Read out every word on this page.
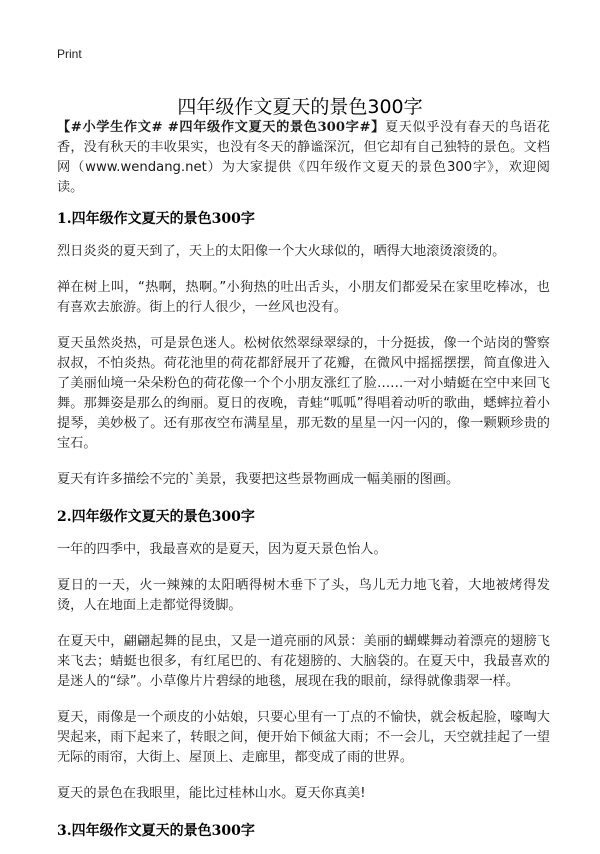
Print
四年级作文夏天的景色300字

【#小学生作文# #四年级作文夏天的景色300字#】夏天似乎没有春天的鸟语花香，没有秋天的丰收果实，也没有冬天的静谧深沉，但它却有自己独特的景色。文档网（www.wendang.net）为大家提供《四年级作文夏天的景色300字》，欢迎阅读。

1.四年级作文夏天的景色300字

烈日炎炎的夏天到了，天上的太阳像一个大火球似的，晒得大地滚烫滚烫的。

禅在树上叫，“热啊，热啊。”小狗热的吐出舌头，小朋友们都爱呆在家里吃棒冰，也有喜欢去旅游。街上的行人很少，一丝风也没有。

夏天虽然炎热，可是景色迷人。松树依然翠绿翠绿的，十分挺拔，像一个站岗的警察叔叔，不怕炎热。荷花池里的荷花都舒展开了花瓣，在微风中摇摇摆摆，简直像进入了美丽仙境一朵朵粉色的荷花像一个个小朋友涨红了脸……一对小蜻蜓在空中来回飞舞。那舞姿是那么的绚丽。夏日的夜晚，青蛙“呱呱”得唱着动听的歌曲，蟋蟀拉着小提琴，美妙极了。还有那夜空布满星星，那无数的星星一闪一闪的，像一颗颗珍贵的宝石。

夏天有许多描绘不完的`美景，我要把这些景物画成一幅美丽的图画。

2.四年级作文夏天的景色300字

一年的四季中，我最喜欢的是夏天，因为夏天景色怡人。

夏日的一天，火一辣辣的太阳晒得树木垂下了头，鸟儿无力地飞着，大地被烤得发烫，人在地面上走都觉得烫脚。

在夏天中，翩翩起舞的昆虫，又是一道亮丽的风景：美丽的蝴蝶舞动着漂亮的翅膀飞来飞去；蜻蜓也很多，有红尾巴的、有花翅膀的、大脑袋的。在夏天中，我最喜欢的是迷人的“绿”。小草像片片碧绿的地毯，展现在我的眼前，绿得就像翡翠一样。

夏天，雨像是一个顽皮的小姑娘，只要心里有一丁点的不愉快，就会板起脸，嚎啕大哭起来，雨下起来了，转眼之间，便开始下倾盆大雨；不一会儿，天空就挂起了一望无际的雨帘，大街上、屋顶上、走廊里，都变成了雨的世界。

夏天的景色在我眼里，能比过桂林山水。夏天你真美!

3.四年级作文夏天的景色300字
